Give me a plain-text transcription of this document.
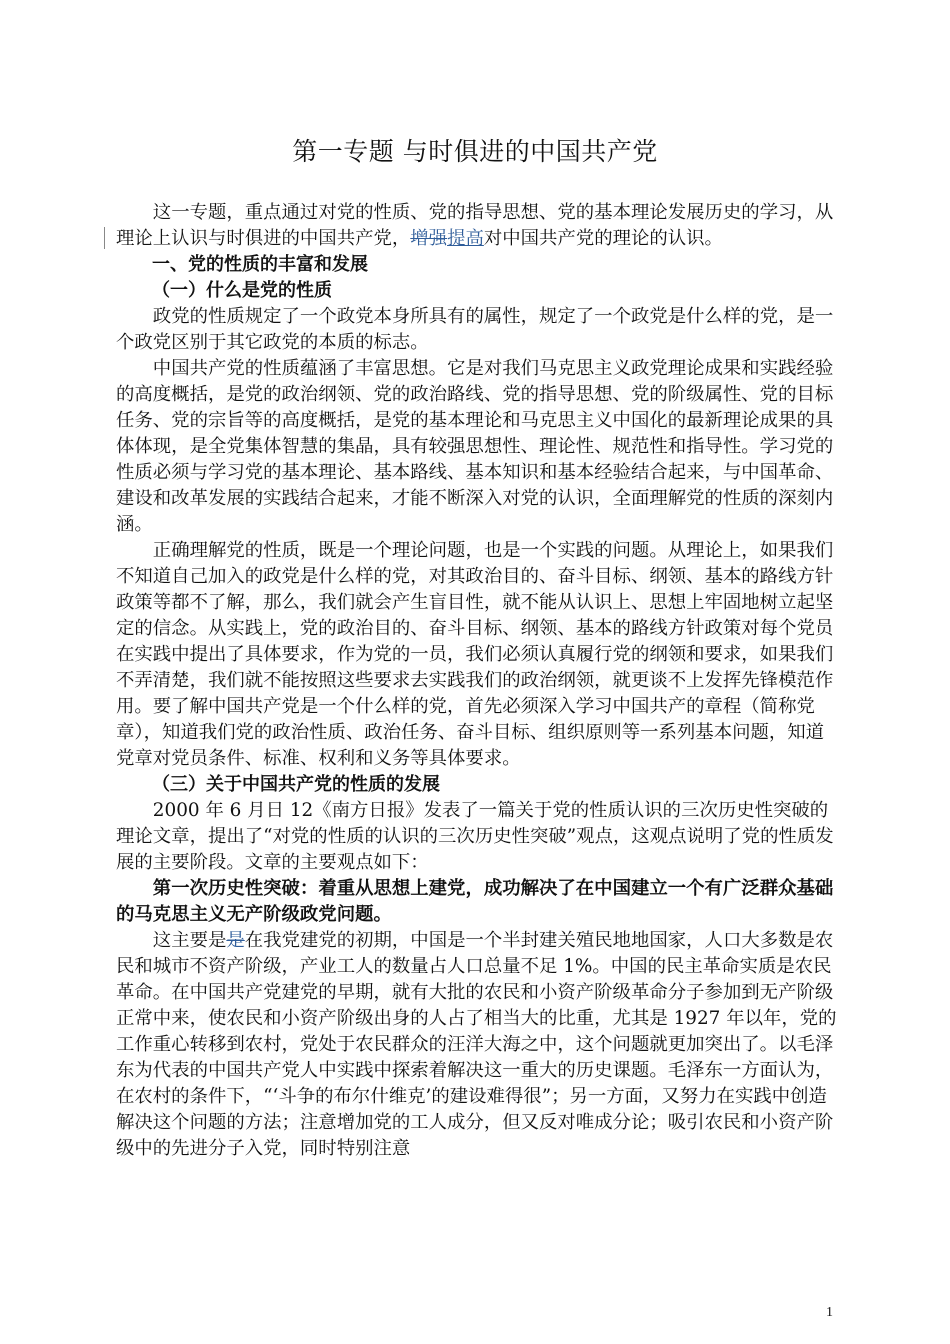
第一专题 与时俱进的中国共产党

这一专题，重点通过对党的性质、党的指导思想、党的基本理论发展历史的学习，从理论上认识与时俱进的中国共产党，增强提高对中国共产党的理论的认识。

一、党的性质的丰富和发展

（一）什么是党的性质

政党的性质规定了一个政党本身所具有的属性，规定了一个政党是什么样的党，是一个政党区别于其它政党的本质的标志。

中国共产党的性质蕴涵了丰富思想。它是对我们马克思主义政党理论成果和实践经验的高度概括，是党的政治纲领、党的政治路线、党的指导思想、党的阶级属性、党的目标任务、党的宗旨等的高度概括，是党的基本理论和马克思主义中国化的最新理论成果的具体体现，是全党集体智慧的集晶，具有较强思想性、理论性、规范性和指导性。学习党的性质必须与学习党的基本理论、基本路线、基本知识和基本经验结合起来，与中国革命、建设和改革发展的实践结合起来，才能不断深入对党的认识，全面理解党的性质的深刻内涵。

正确理解党的性质，既是一个理论问题，也是一个实践的问题。从理论上，如果我们不知道自己加入的政党是什么样的党，对其政治目的、奋斗目标、纲领、基本的路线方针政策等都不了解，那么，我们就会产生盲目性，就不能从认识上、思想上牢固地树立起坚定的信念。从实践上，党的政治目的、奋斗目标、纲领、基本的路线方针政策对每个党员在实践中提出了具体要求，作为党的一员，我们必须认真履行党的纲领和要求，如果我们不弄清楚，我们就不能按照这些要求去实践我们的政治纲领，就更谈不上发挥先锋模范作用。要了解中国共产党是一个什么样的党，首先必须深入学习中国共产的章程（简称党章），知道我们党的政治性质、政治任务、奋斗目标、组织原则等一系列基本问题，知道党章对党员条件、标准、权利和义务等具体要求。

（三）关于中国共产党的性质的发展

2000 年 6 月日 12《南方日报》发表了一篇关于党的性质认识的三次历史性突破的理论文章，提出了“对党的性质的认识的三次历史性突破”观点，这观点说明了党的性质发展的主要阶段。文章的主要观点如下：

第一次历史性突破：着重从思想上建党，成功解决了在中国建立一个有广泛群众基础的马克思主义无产阶级政党问题。

这主要是是在我党建党的初期，中国是一个半封建关殖民地地国家，人口大多数是农民和城市不资产阶级，产业工人的数量占人口总量不足 1%。中国的民主革命实质是农民革命。在中国共产党建党的早期，就有大批的农民和小资产阶级革命分子参加到无产阶级正常中来，使农民和小资产阶级出身的人占了相当大的比重，尤其是 1927 年以年，党的工作重心转移到农村，党处于农民群众的汪洋大海之中，这个问题就更加突出了。以毛泽东为代表的中国共产党人中实践中探索着解决这一重大的历史课题。毛泽东一方面认为，在农村的条件下，“‘斗争的布尔什维克’的建设难得很”；另一方面，又努力在实践中创造解决这个问题的方法；注意增加党的工人成分，但又反对唯成分论；吸引农民和小资产阶级中的先进分子入党，同时特别注意

1
